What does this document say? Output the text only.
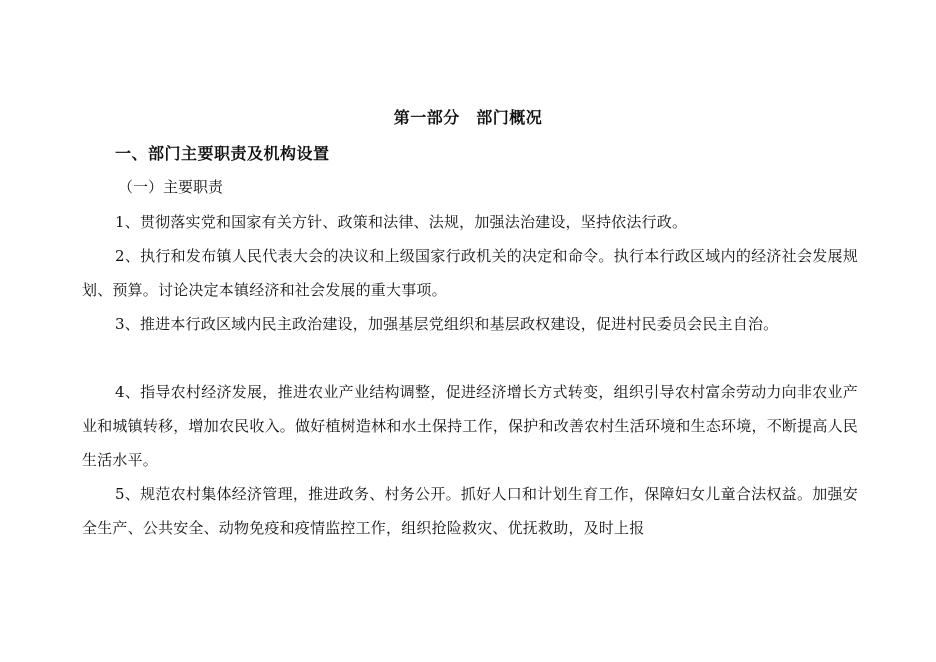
第一部分　部门概况
一、部门主要职责及机构设置
（一）主要职责

1、贯彻落实党和国家有关方针、政策和法律、法规，加强法治建设，坚持依法行政。

2、执行和发布镇人民代表大会的决议和上级国家行政机关的决定和命令。执行本行政区域内的经济社会发展规划、预算。讨论决定本镇经济和社会发展的重大事项。

3、推进本行政区域内民主政治建设，加强基层党组织和基层政权建设，促进村民委员会民主自治。

4、指导农村经济发展，推进农业产业结构调整，促进经济增长方式转变，组织引导农村富余劳动力向非农业产业和城镇转移，增加农民收入。做好植树造林和水土保持工作，保护和改善农村生活环境和生态环境，不断提高人民生活水平。

5、规范农村集体经济管理，推进政务、村务公开。抓好人口和计划生育工作，保障妇女儿童合法权益。加强安全生产、公共安全、动物免疫和疫情监控工作，组织抢险救灾、优抚救助，及时上报
